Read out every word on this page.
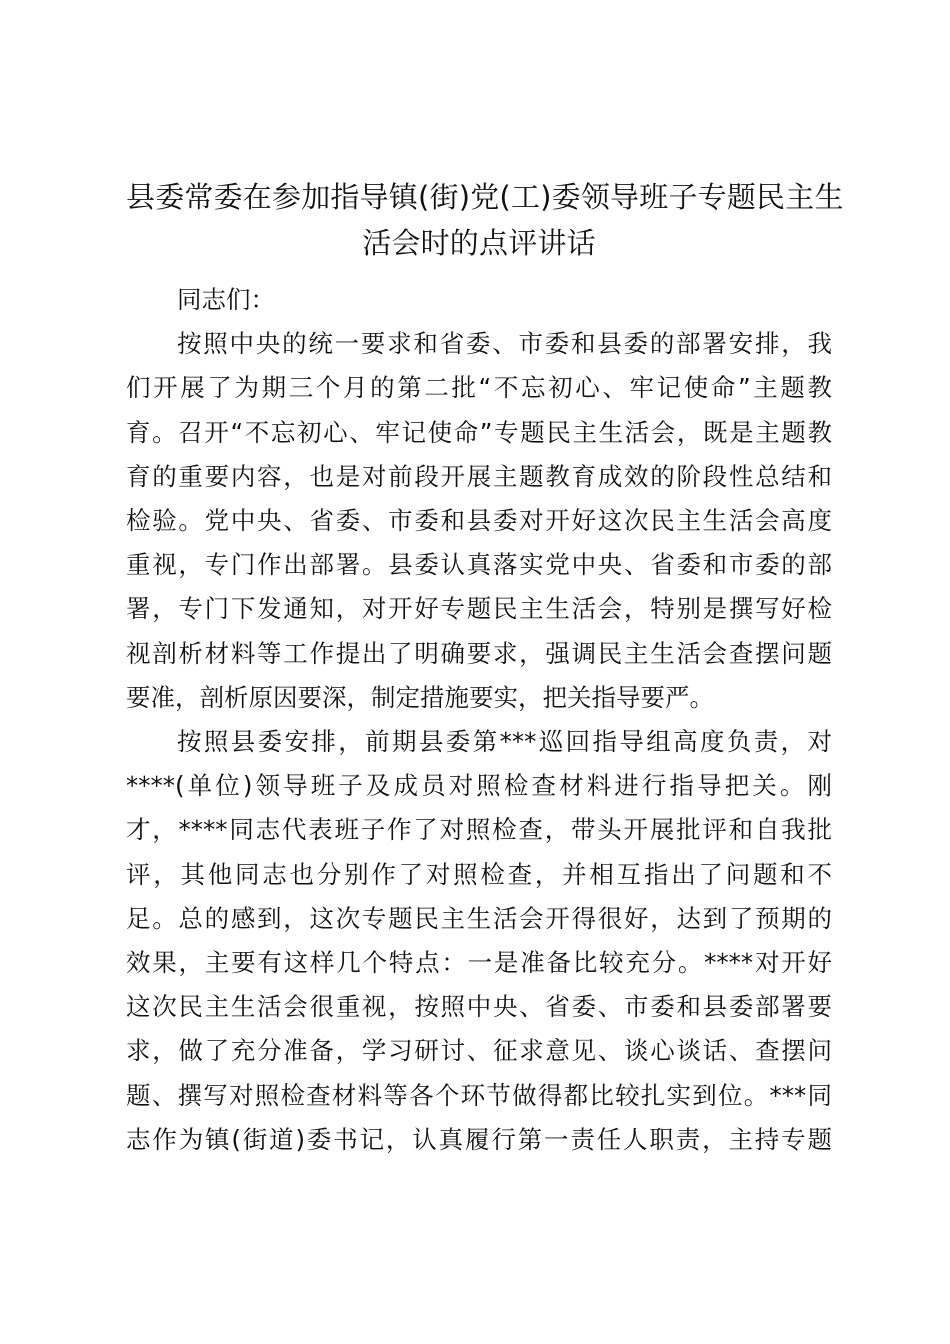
县委常委在参加指导镇(街)党(工)委领导班子专题民主生
活会时的点评讲话

同志们：

按照中央的统一要求和省委、市委和县委的部署安排，我
们开展了为期三个月的第二批“不忘初心、牢记使命”主题教
育。召开“不忘初心、牢记使命”专题民主生活会，既是主题教
育的重要内容，也是对前段开展主题教育成效的阶段性总结和
检验。党中央、省委、市委和县委对开好这次民主生活会高度
重视，专门作出部署。县委认真落实党中央、省委和市委的部
署，专门下发通知，对开好专题民主生活会，特别是撰写好检
视剖析材料等工作提出了明确要求，强调民主生活会查摆问题
要准，剖析原因要深，制定措施要实，把关指导要严。

按照县委安排，前期县委第***巡回指导组高度负责，对
****(单位)领导班子及成员对照检查材料进行指导把关。刚
才，****同志代表班子作了对照检查，带头开展批评和自我批
评，其他同志也分别作了对照检查，并相互指出了问题和不
足。总的感到，这次专题民主生活会开得很好，达到了预期的
效果，主要有这样几个特点：一是准备比较充分。****对开好
这次民主生活会很重视，按照中央、省委、市委和县委部署要
求，做了充分准备，学习研讨、征求意见、谈心谈话、查摆问
题、撰写对照检查材料等各个环节做得都比较扎实到位。***同
志作为镇(街道)委书记，认真履行第一责任人职责，主持专题
